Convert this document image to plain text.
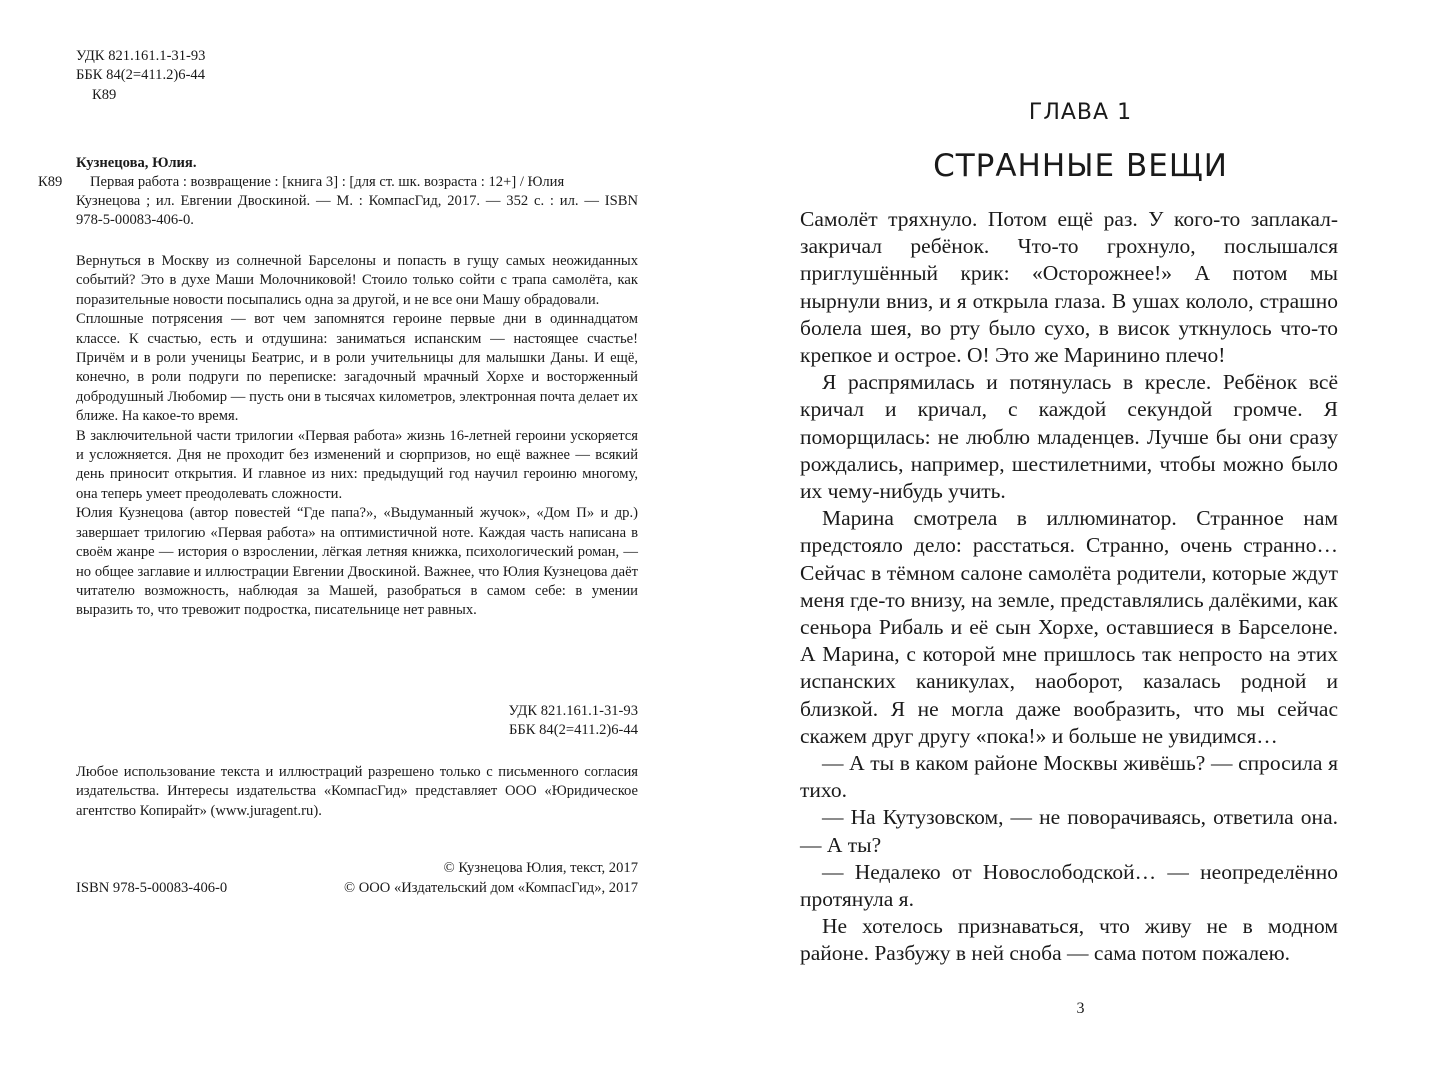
УДК 821.161.1-31-93
ББК 84(2=411.2)6-44
К89
Кузнецова, Юлия.
К89 Первая работа : возвращение : [книга 3] : [для ст. шк. возраста : 12+] / Юлия
Кузнецова ; ил. Евгении Двоскиной. — М. : КомпасГид, 2017. — 352 с. : ил. — ISBN
978-5-00083-406-0.

Вернуться в Москву из солнечной Барселоны и попасть в гущу самых неожиданных событий? Это в духе Маши Молочниковой! Стоило только сойти с трапа самолёта, как поразительные новости посыпались одна за другой, и не все они Машу обрадовали.

Сплошные потрясения — вот чем запомнятся героине первые дни в одиннадцатом классе. К счастью, есть и отдушина: заниматься испанским — настоящее счастье! Причём и в роли ученицы Беатрис, и в роли учительницы для малышки Даны. И ещё, конечно, в роли подруги по переписке: загадочный мрачный Хорхе и восторженный добродушный Любомир — пусть они в тысячах километров, электронная почта делает их ближе. На какое-то время.

В заключительной части трилогии «Первая работа» жизнь 16-летней героини ускоряется и усложняется. Дня не проходит без изменений и сюрпризов, но ещё важнее — всякий день приносит открытия. И главное из них: предыдущий год научил героиню многому, она теперь умеет преодолевать сложности.

Юлия Кузнецова (автор повестей “Где папа?», «Выдуманный жучок», «Дом П» и др.) завершает трилогию «Первая работа» на оптимистичной ноте. Каждая часть написана в своём жанре — история о взрослении, лёгкая летняя книжка, психологический роман, — но общее заглавие и иллюстрации Евгении Двоскиной. Важнее, что Юлия Кузнецова даёт читателю возможность, наблюдая за Машей, разобраться в самом себе: в умении выразить то, что тревожит подростка, писательнице нет равных.

УДК 821.161.1-31-93
ББК 84(2=411.2)6-44
Любое использование текста и иллюстраций разрешено только с письменного согласия издательства. Интересы издательства «КомпасГид» представляет ООО «Юридическое агентство Копирайт» (www.juragent.ru).
© Кузнецова Юлия, текст, 2017
ISBN 978-5-00083-406-0	© ООО «Издательский дом «КомпасГид», 2017
ГЛАВА 1
СТРАННЫЕ ВЕЩИ

Самолёт тряхнуло. Потом ещё раз. У кого-то заплакал-закричал ребёнок. Что-то грохнуло, послышался приглушённый крик: «Осторожнее!» А потом мы нырнули вниз, и я открыла глаза. В ушах кололо, страшно болела шея, во рту было сухо, в висок уткнулось что-то крепкое и острое. О! Это же Маринино плечо!

Я распрямилась и потянулась в кресле. Ребёнок всё кричал и кричал, с каждой секундой громче. Я поморщилась: не люблю младенцев. Лучше бы они сразу рождались, например, шестилетними, чтобы можно было их чему-нибудь учить.

Марина смотрела в иллюминатор. Странное нам предстояло дело: расстаться. Странно, очень странно… Сейчас в тёмном салоне самолёта родители, которые ждут меня где-то внизу, на земле, представлялись далёкими, как сеньора Рибаль и её сын Хорхе, оставшиеся в Барселоне. А Марина, с которой мне пришлось так непросто на этих испанских каникулах, наоборот, казалась родной и близкой. Я не могла даже вообразить, что мы сейчас скажем друг другу «пока!» и больше не увидимся…

— А ты в каком районе Москвы живёшь? — спросила я тихо.

— На Кутузовском, — не поворачиваясь, ответила она. — А ты?

— Недалеко от Новослободской… — неопределённо протянула я.

Не хотелось признаваться, что живу не в модном районе. Разбужу в ней сноба — сама потом пожалею.

3
